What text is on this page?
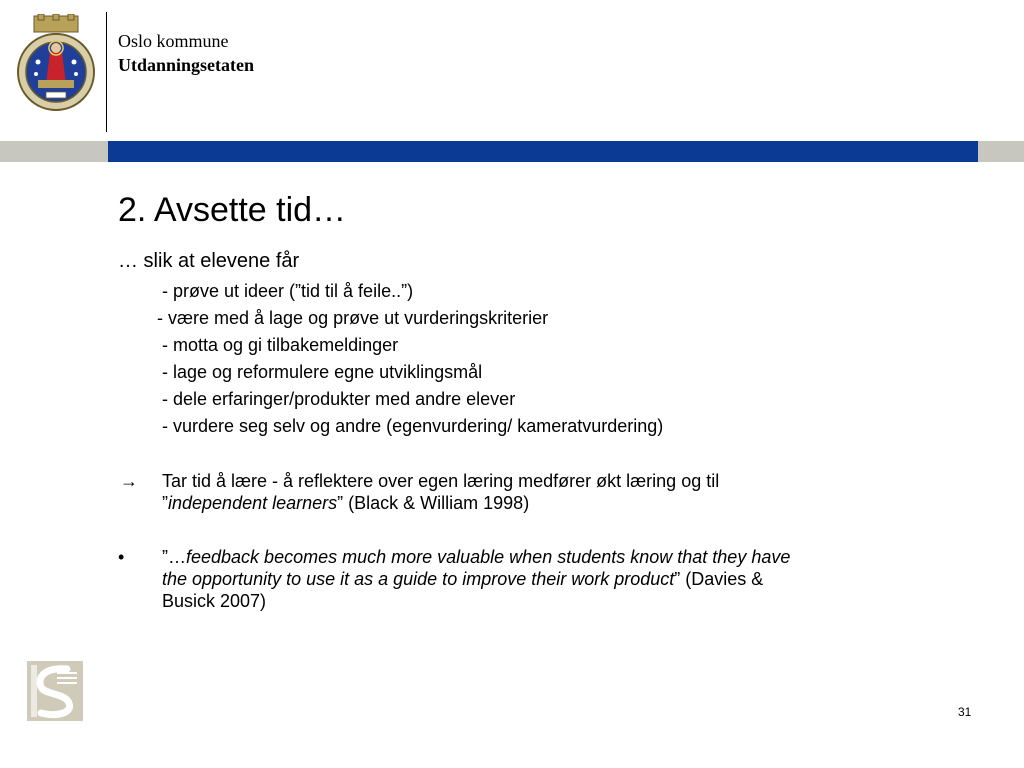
Oslo kommune
Utdanningsetaten
2. Avsette tid…
… slik at elevene får
- prøve ut ideer (”tid til å feile..”)
- være med å lage og prøve ut vurderingskriterier
- motta og gi tilbakemeldinger
- lage og reformulere egne utviklingsmål
- dele erfaringer/produkter med andre elever
- vurdere seg selv og andre (egenvurdering/ kameratvurdering)
→ Tar tid å lære - å reflektere over egen læring medfører økt læring og til
”independent learners” (Black & William 1998)
• ”…feedback becomes much more valuable when students know that they have
the opportunity to use it as a guide to improve their work product” (Davies &
Busick 2007)
31
